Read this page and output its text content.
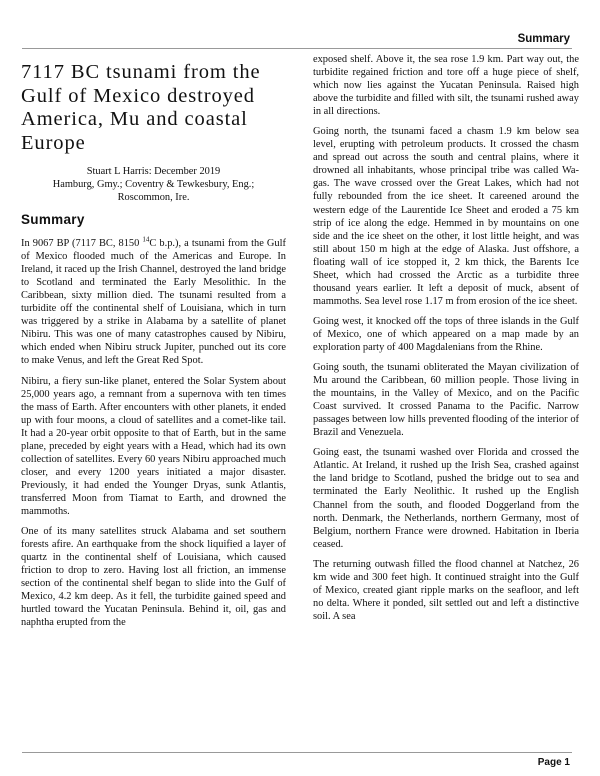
Summary
7117 BC tsunami from the Gulf of Mexico destroyed America, Mu and coastal Europe
Stuart L Harris: December 2019
Hamburg, Gmy.; Coventry & Tewkesbury, Eng.;
Roscommon, Ire.
Summary

In 9067 BP (7117 BC, 8150 $^{14}$C b.p.), a tsunami from the Gulf of Mexico flooded much of the Americas and Europe. In Ireland, it raced up the Irish Channel, destroyed the land bridge to Scotland and terminated the Early Mesolithic. In the Caribbean, sixty million died. The tsunami resulted from a turbidite off the continental shelf of Louisiana, which in turn was triggered by a strike in Alabama by a satellite of planet Nibiru. This was one of many catastrophes caused by Nibiru, which ended when Nibiru struck Jupiter, punched out its core to make Venus, and left the Great Red Spot.

Nibiru, a fiery sun-like planet, entered the Solar System about 25,000 years ago, a remnant from a supernova with ten times the mass of Earth. After encounters with other planets, it ended up with four moons, a cloud of satellites and a comet-like tail. It had a 20-year orbit opposite to that of Earth, but in the same plane, preceded by eight years with a Head, which had its own collection of satellites. Every 60 years Nibiru approached much closer, and every 1200 years initiated a major disaster. Previously, it had ended the Younger Dryas, sunk Atlantis, transferred Moon from Tiamat to Earth, and drowned the mammoths.

One of its many satellites struck Alabama and set southern forests afire. An earthquake from the shock liquified a layer of quartz in the continental shelf of Louisiana, which caused friction to drop to zero. Having lost all friction, an immense section of the continental shelf began to slide into the Gulf of Mexico, 4.2 km deep. As it fell, the turbidite gained speed and hurtled toward the Yucatan Peninsula. Behind it, oil, gas and naphtha erupted from the

exposed shelf. Above it, the sea rose 1.9 km. Part way out, the turbidite regained friction and tore off a huge piece of shelf, which now lies against the Yucatan Peninsula. Raised high above the turbidite and filled with silt, the tsunami rushed away in all directions.

Going north, the tsunami faced a chasm 1.9 km below sea level, erupting with petroleum products. It crossed the chasm and spread out across the south and central plains, where it drowned all inhabitants, whose principal tribe was called Wa-gas. The wave crossed over the Great Lakes, which had not fully rebounded from the ice sheet. It careened around the western edge of the Laurentide Ice Sheet and eroded a 75 km strip of ice along the edge. Hemmed in by mountains on one side and the ice sheet on the other, it lost little height, and was still about 150 m high at the edge of Alaska. Just offshore, a floating wall of ice stopped it, 2 km thick, the Barents Ice Sheet, which had crossed the Arctic as a turbidite three thousand years earlier. It left a deposit of muck, absent of mammoths. Sea level rose 1.17 m from erosion of the ice sheet.

Going west, it knocked off the tops of three islands in the Gulf of Mexico, one of which appeared on a map made by an exploration party of 400 Magdalenians from the Rhine.

Going south, the tsunami obliterated the Mayan civilization of Mu around the Caribbean, 60 million people. Those living in the mountains, in the Valley of Mexico, and on the Pacific Coast survived. It crossed Panama to the Pacific. Narrow passages between low hills prevented flooding of the interior of Brazil and Venezuela.

Going east, the tsunami washed over Florida and crossed the Atlantic. At Ireland, it rushed up the Irish Sea, crashed against the land bridge to Scotland, pushed the bridge out to sea and terminated the Early Neolithic. It rushed up the English Channel from the south, and flooded Doggerland from the north. Denmark, the Netherlands, northern Germany, most of Belgium, northern France were drowned. Habitation in Iberia ceased.

The returning outwash filled the flood channel at Natchez, 26 km wide and 300 feet high. It continued straight into the Gulf of Mexico, created giant ripple marks on the seafloor, and left no delta. Where it ponded, silt settled out and left a distinctive soil. A sea

Page 1
